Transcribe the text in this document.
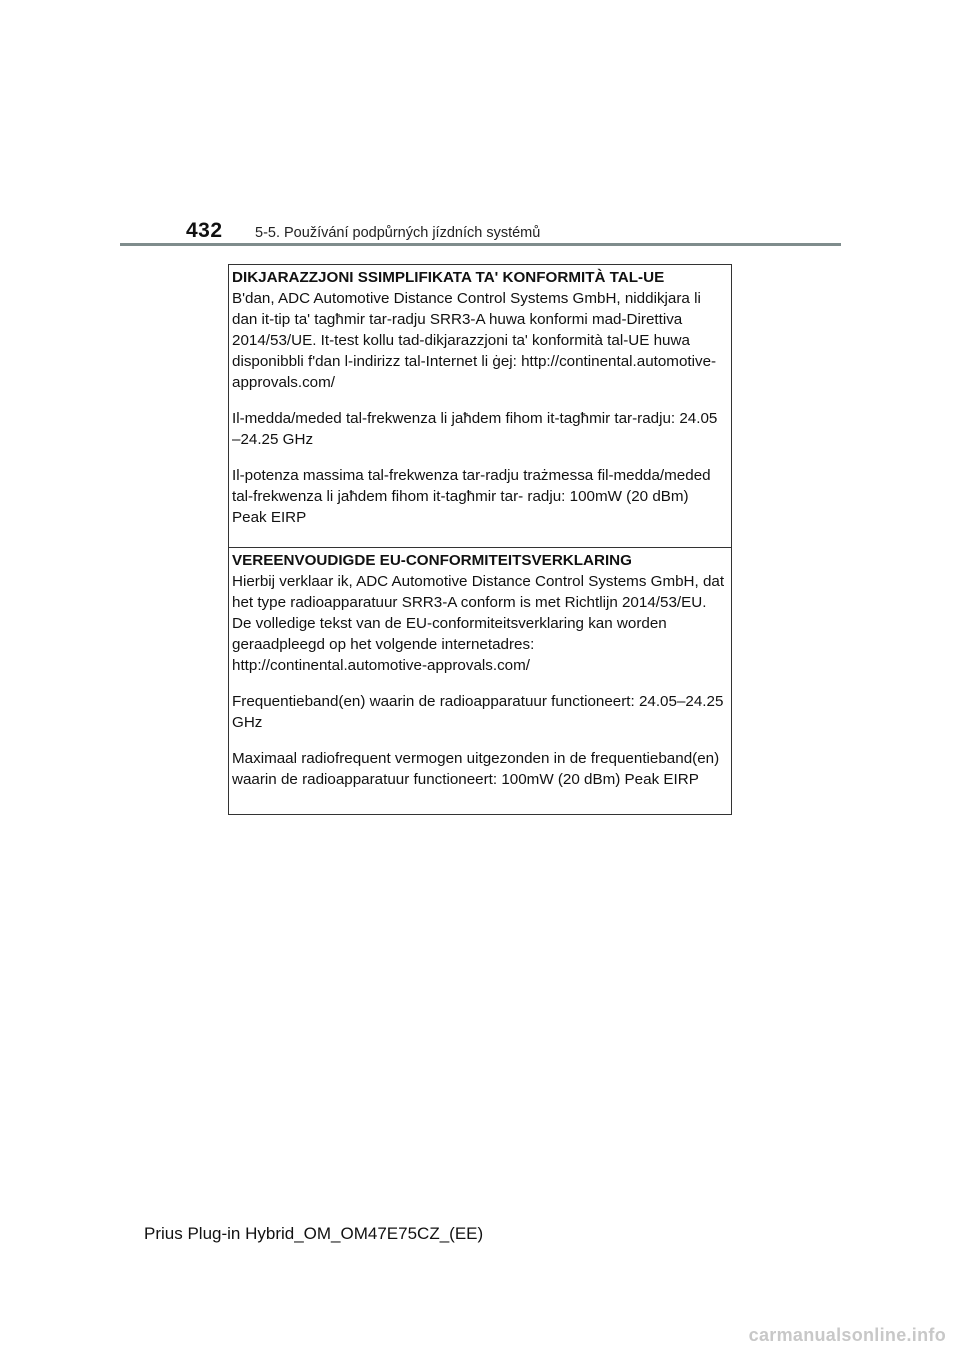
432 5-5. Používání podpůrných jízdních systémů

DIKJARAZZJONI SSIMPLIFIKATA TA' KONFORMITÀ TAL-UE

B'dan, ADC Automotive Distance Control Systems GmbH, niddikjara li dan it-tip ta' tagħmir tar-radju SRR3-A huwa konformi mad-Direttiva 2014/53/UE. It-test kollu tad-dikjarazzjoni ta' konformità tal-UE huwa disponibbli f'dan l-indirizz tal-Internet li ġej: http://continental.automotive-approvals.com/

Il-medda/meded tal-frekwenza li jaħdem fihom it-tagħmir tar-radju: 24.05 –24.25 GHz

Il-potenza massima tal-frekwenza tar-radju trażmessa fil-medda/meded tal-frekwenza li jaħdem fihom it-tagħmir tar- radju: 100mW (20 dBm) Peak EIRP

VEREENVOUDIGDE EU-CONFORMITEITSVERKLARING

Hierbij verklaar ik, ADC Automotive Distance Control Systems GmbH, dat het type radioapparatuur SRR3-A conform is met Richtlijn 2014/53/EU. De volledige tekst van de EU-conformiteitsverklaring kan worden geraadpleegd op het volgende internetadres: http://continental.automotive-approvals.com/

Frequentieband(en) waarin de radioapparatuur functioneert: 24.05–24.25 GHz

Maximaal radiofrequent vermogen uitgezonden in de frequentieband(en) waarin de radioapparatuur functioneert: 100mW (20 dBm) Peak EIRP

Prius Plug-in Hybrid_OM_OM47E75CZ_(EE)
carmanualsonline.info
